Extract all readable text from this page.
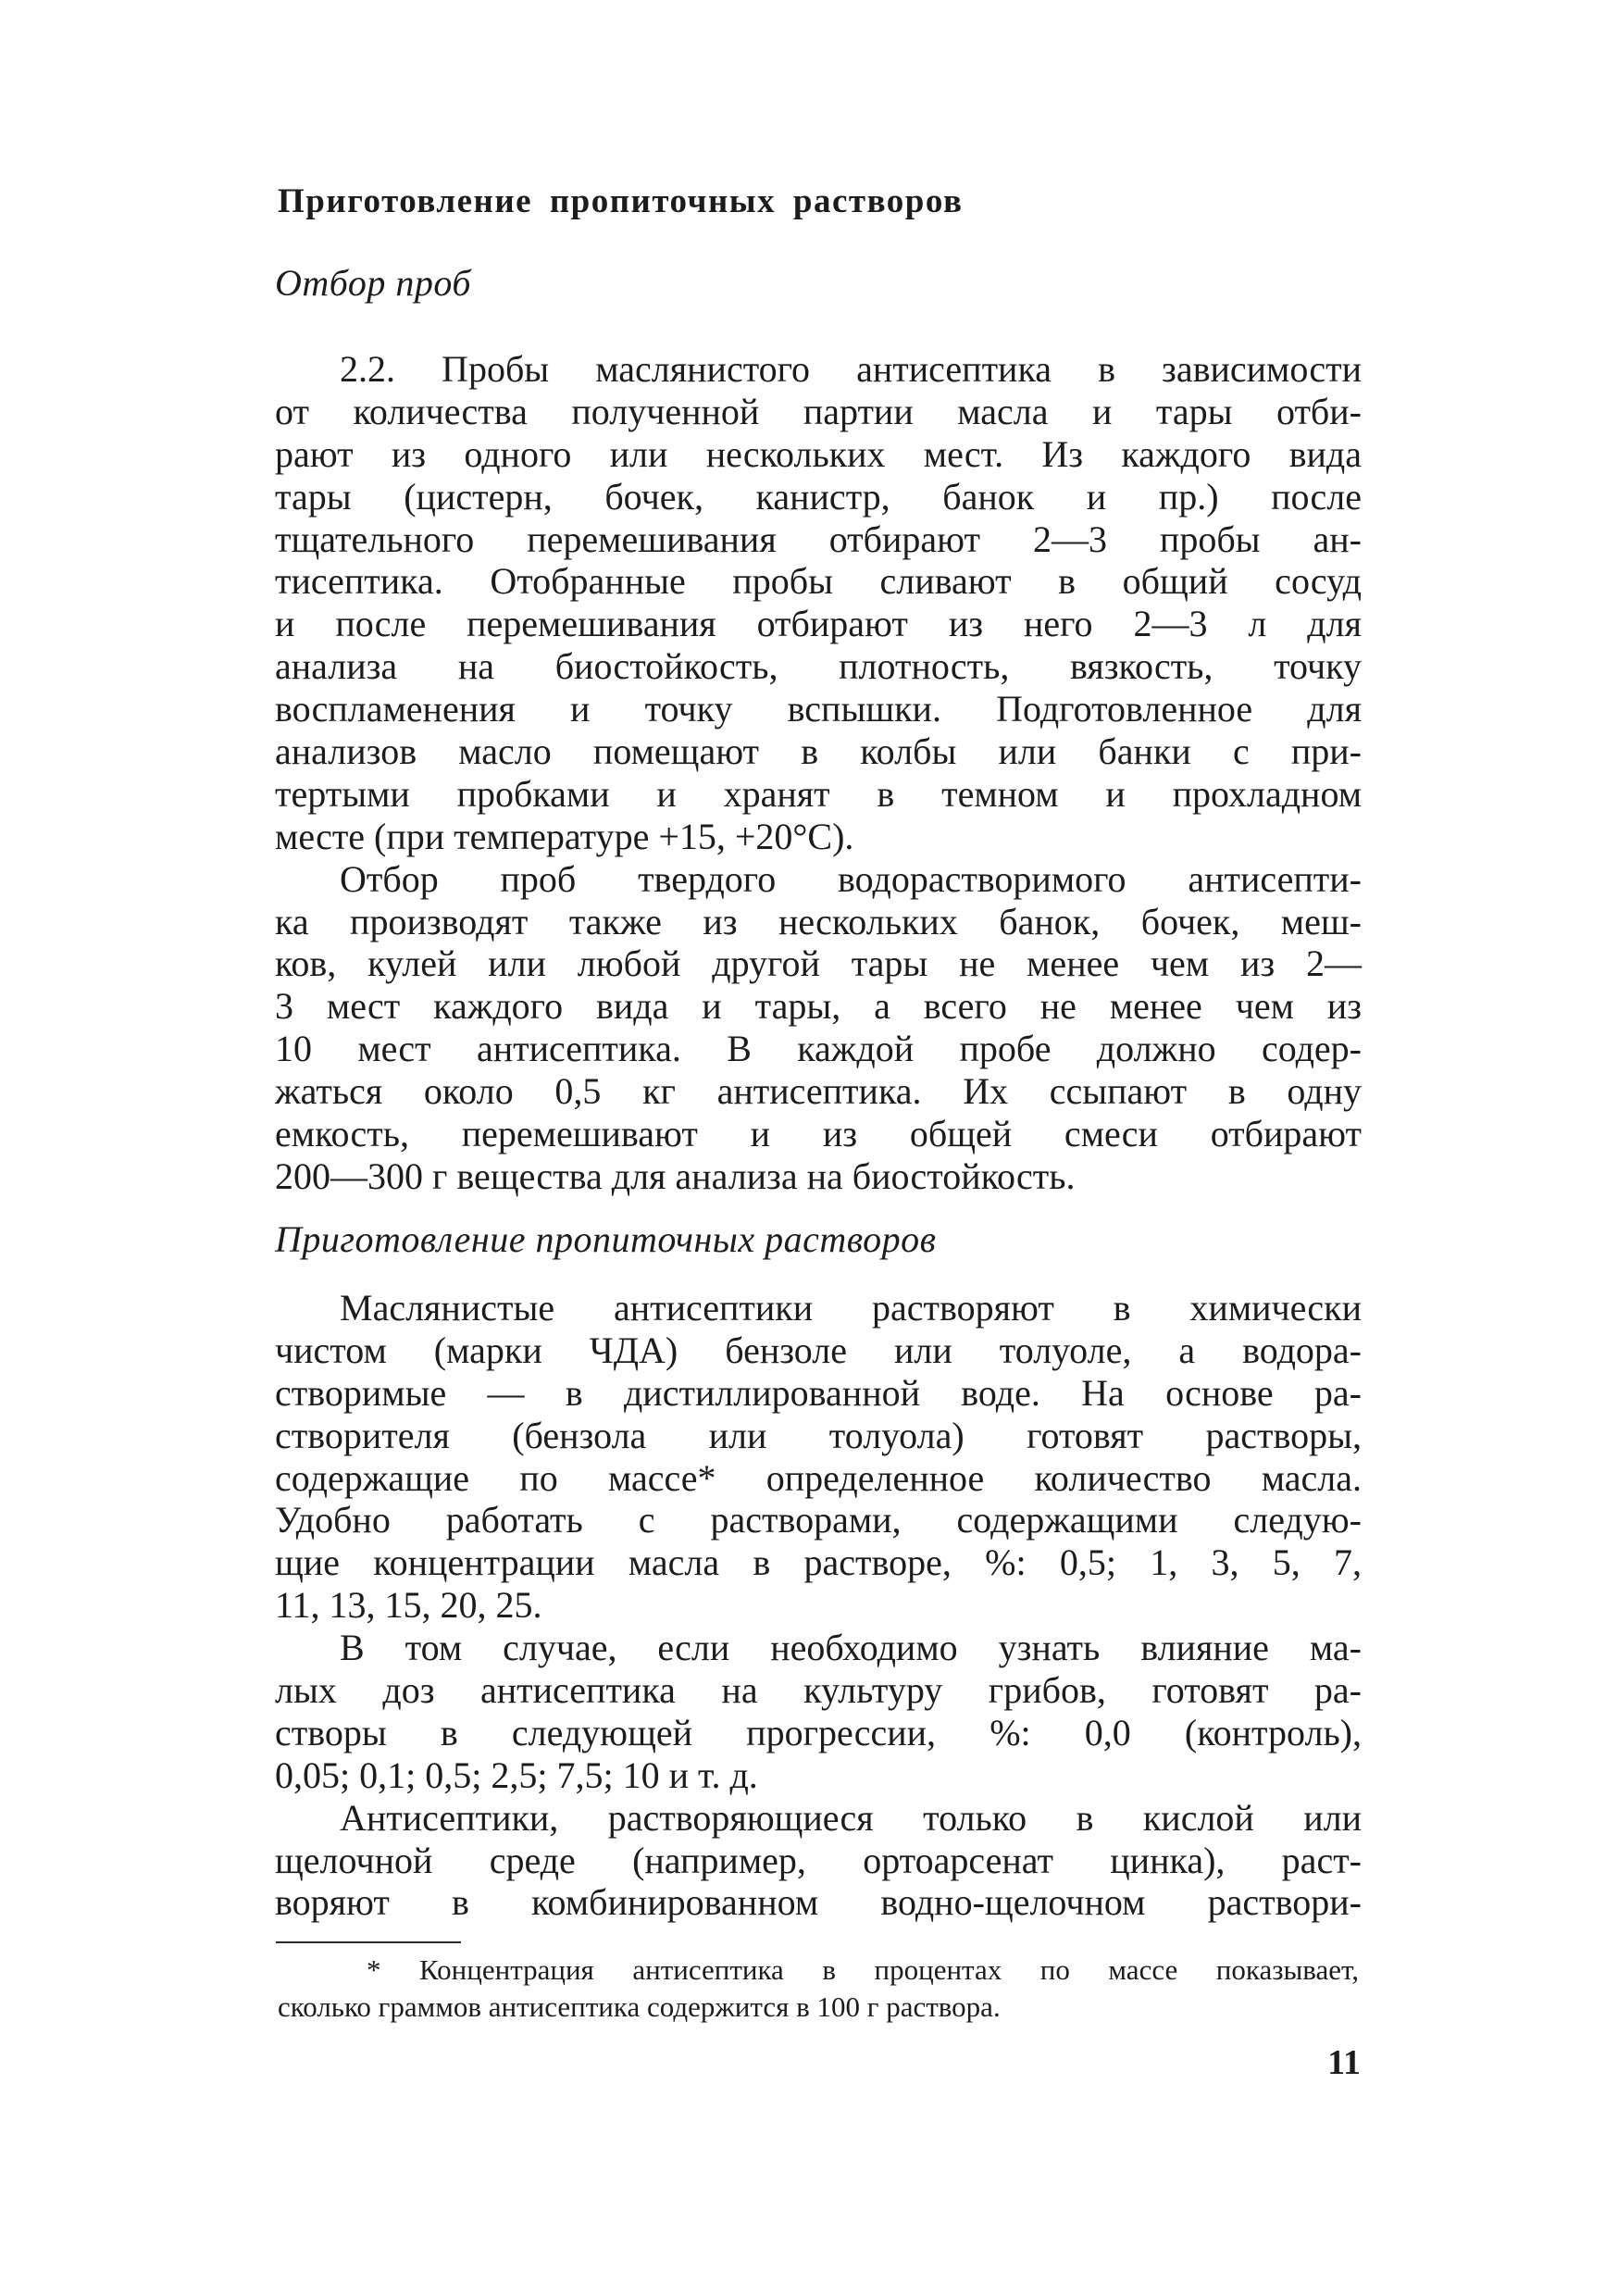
Приготовление пропиточных растворов
Отбор проб
2.2. Пробы маслянистого антисептика в зависимости
от количества полученной партии масла и тары отби-
рают из одного или нескольких мест. Из каждого вида
тары (цистерн, бочек, канистр, банок и пр.) после
тщательного перемешивания отбирают 2—3 пробы ан-
тисептика. Отобранные пробы сливают в общий сосуд
и после перемешивания отбирают из него 2—3 л для
анализа на биостойкость, плотность, вязкость, точку
воспламенения и точку вспышки. Подготовленное для
анализов масло помещают в колбы или банки с при-
тертыми пробками и хранят в темном и прохладном
месте (при температуре +15, +20°С).
Отбор проб твердого водорастворимого антисепти-
ка производят также из нескольких банок, бочек, меш-
ков, кулей или любой другой тары не менее чем из 2—
3 мест каждого вида и тары, а всего не менее чем из
10 мест антисептика. В каждой пробе должно содер-
жаться около 0,5 кг антисептика. Их ссыпают в одну
емкость, перемешивают и из общей смеси отбирают
200—300 г вещества для анализа на биостойкость.
Приготовление пропиточных растворов
Маслянистые антисептики растворяют в химически
чистом (марки ЧДА) бензоле или толуоле, а водора-
створимые — в дистиллированной воде. На основе ра-
створителя (бензола или толуола) готовят растворы,
содержащие по массе* определенное количество масла.
Удобно работать с растворами, содержащими следую-
щие концентрации масла в растворе, %: 0,5; 1, 3, 5, 7,
11, 13, 15, 20, 25.
В том случае, если необходимо узнать влияние ма-
лых доз антисептика на культуру грибов, готовят ра-
створы в следующей прогрессии, %: 0,0 (контроль),
0,05; 0,1; 0,5; 2,5; 7,5; 10 и т. д.
Антисептики, растворяющиеся только в кислой или
щелочной среде (например, ортоарсенат цинка), раст-
воряют в комбинированном водно-щелочном раствори-
* Концентрация антисептика в процентах по массе показывает,
сколько граммов антисептика содержится в 100 г раствора.
11
